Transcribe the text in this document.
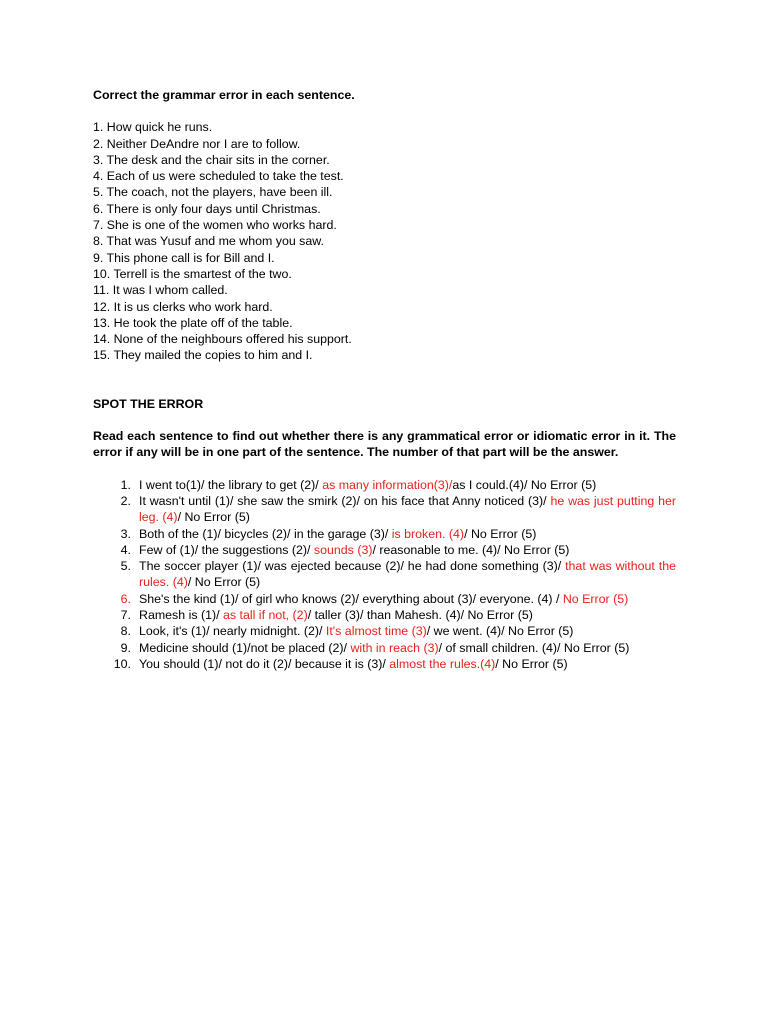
Correct the grammar error in each sentence.

1. How quick he runs.
2. Neither DeAndre nor I are to follow.
3. The desk and the chair sits in the corner.
4. Each of us were scheduled to take the test.
5. The coach, not the players, have been ill.
6. There is only four days until Christmas.
7. She is one of the women who works hard.
8. That was Yusuf and me whom you saw.
9. This phone call is for Bill and I.
10. Terrell is the smartest of the two.
11. It was I whom called.
12. It is us clerks who work hard.
13. He took the plate off of the table.
14. None of the neighbours offered his support.
15. They mailed the copies to him and I.

SPOT THE ERROR

Read each sentence to find out whether there is any grammatical error or idiomatic error in it. The error if any will be in one part of the sentence. The number of that part will be the answer.

1. I went to(1)/ the library to get (2)/ as many information(3)/as I could.(4)/ No Error (5)
2. It wasn't until (1)/ she saw the smirk (2)/ on his face that Anny noticed (3)/ he was just putting her leg. (4)/ No Error (5)
3. Both of the (1)/ bicycles (2)/ in the garage (3)/ is broken. (4)/ No Error (5)
4. Few of (1)/ the suggestions (2)/ sounds (3)/ reasonable to me. (4)/ No Error (5)
5. The soccer player (1)/ was ejected because (2)/ he had done something (3)/ that was without the rules. (4)/ No Error (5)
6. She's the kind (1)/ of girl who knows (2)/ everything about (3)/ everyone. (4) / No Error (5)
7. Ramesh is (1)/ as tall if not, (2)/ taller (3)/ than Mahesh. (4)/ No Error (5)
8. Look, it's (1)/ nearly midnight. (2)/ It's almost time (3)/ we went. (4)/ No Error (5)
9. Medicine should (1)/not be placed (2)/ with in reach (3)/ of small children. (4)/ No Error (5)
10. You should (1)/ not do it (2)/ because it is (3)/ almost the rules.(4)/ No Error (5)
